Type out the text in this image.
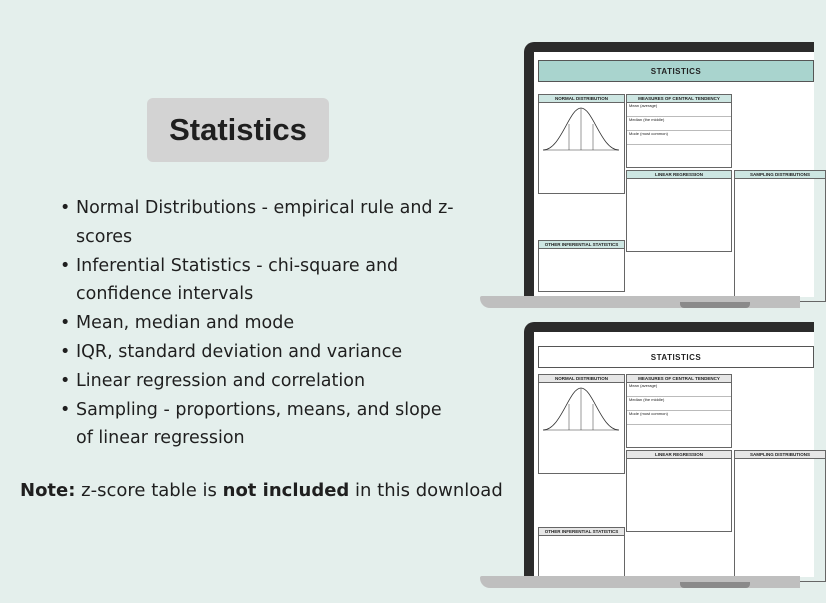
Statistics
• Normal Distributions - empirical rule and z-scores
• Inferential Statistics - chi-square and confidence intervals
• Mean, median and mode
• IQR, standard deviation and variance
• Linear regression and correlation
• Sampling - proportions, means, and slope of linear regression
Note: z-score table is not included in this download
STATISTICS
NORMAL DISTRIBUTION	MEASURES OF CENTRAL TENDENCY
Mean (average)
Median (the middle)
Mode (most common)
LINEAR REGRESSION	SAMPLING DISTRIBUTIONS
OTHER INFERENTIAL STATISTICS
STATISTICS
NORMAL DISTRIBUTION	MEASURES OF CENTRAL TENDENCY
Mean (average)
Median (the middle)
Mode (most common)
LINEAR REGRESSION	SAMPLING DISTRIBUTIONS
OTHER INFERENTIAL STATISTICS
